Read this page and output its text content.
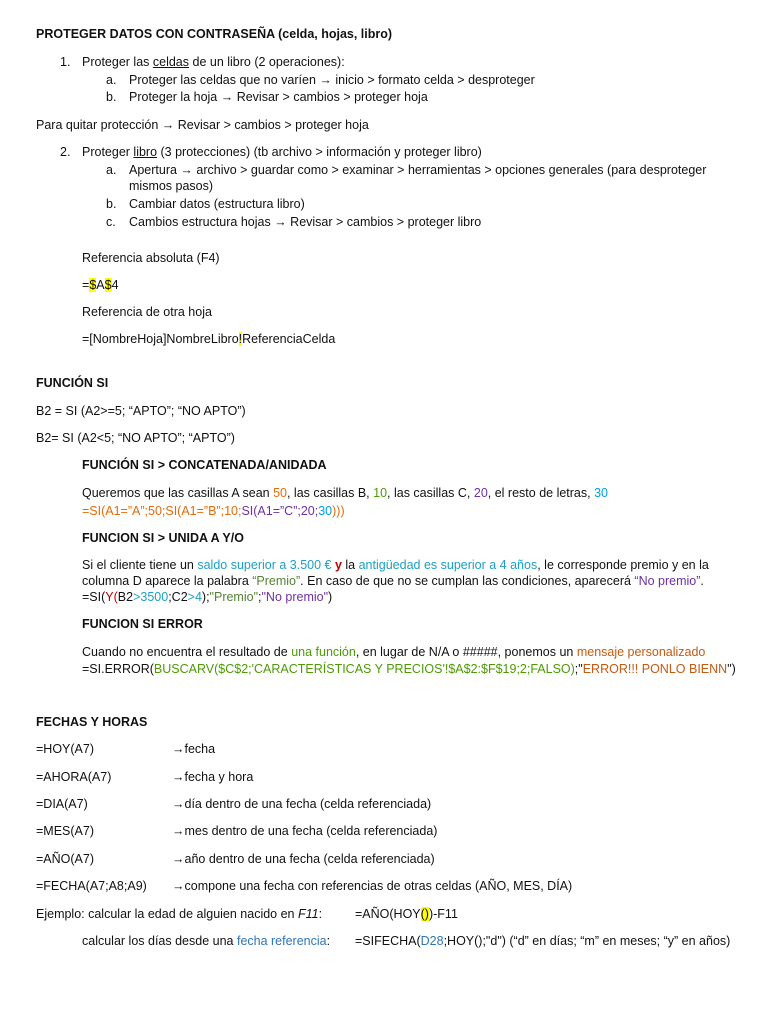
PROTEGER DATOS CON CONTRASEÑA (celda, hojas, libro)
1. Proteger las celdas de un libro (2 operaciones):
a. Proteger las celdas que no varíen → inicio > formato celda > desproteger
b. Proteger la hoja → Revisar > cambios > proteger hoja
Para quitar protección → Revisar > cambios > proteger hoja
2. Proteger libro (3 protecciones) (tb archivo > información y proteger libro)
a. Apertura → archivo > guardar como > examinar > herramientas > opciones generales (para desproteger mismos pasos)
b. Cambiar datos (estructura libro)
c. Cambios estructura hojas → Revisar > cambios > proteger libro
Referencia absoluta (F4)
=$A$4
Referencia de otra hoja
=[NombreHoja]NombreLibro!ReferenciaCelda
FUNCIÓN SI
B2 = SI (A2>=5; “APTO”; “NO APTO”)
B2= SI (A2<5; “NO APTO”; “APTO”)
FUNCIÓN SI > CONCATENADA/ANIDADA
Queremos que las casillas A sean 50, las casillas B, 10, las casillas C, 20, el resto de letras, 30
=SI(A1=”A”;50;SI(A1=”B”;10;SI(A1=”C”;20;30)))
FUNCION SI > UNIDA A Y/O
Si el cliente tiene un saldo superior a 3.500 € y la antigüedad es superior a 4 años, le corresponde premio y en la
columna D aparece la palabra “Premio”. En caso de que no se cumplan las condiciones, aparecerá “No premio”.
=SI(Y(B2>3500;C2>4);"Premio";"No premio")
FUNCION SI ERROR
Cuando no encuentra el resultado de una función, en lugar de N/A o #####, ponemos un mensaje personalizado
=SI.ERROR(BUSCARV($C$2;'CARACTERÍSTICAS Y PRECIOS'!$A$2:$F$19;2;FALSO);"ERROR!!! PONLO BIENN")
FECHAS Y HORAS
=HOY(A7)	→fecha
=AHORA(A7)	→fecha y hora
=DIA(A7)	→día dentro de una fecha (celda referenciada)
=MES(A7)	→mes dentro de una fecha (celda referenciada)
=AÑO(A7)	→año dentro de una fecha (celda referenciada)
=FECHA(A7;A8;A9) →compone una fecha con referencias de otras celdas (AÑO, MES, DÍA)
Ejemplo: calcular la edad de alguien nacido en F11:	=AÑO(HOY())-F11
calcular los días desde una fecha referencia: =SIFECHA(D28;HOY();"d") (“d” en días; “m” en meses; “y” en años)
